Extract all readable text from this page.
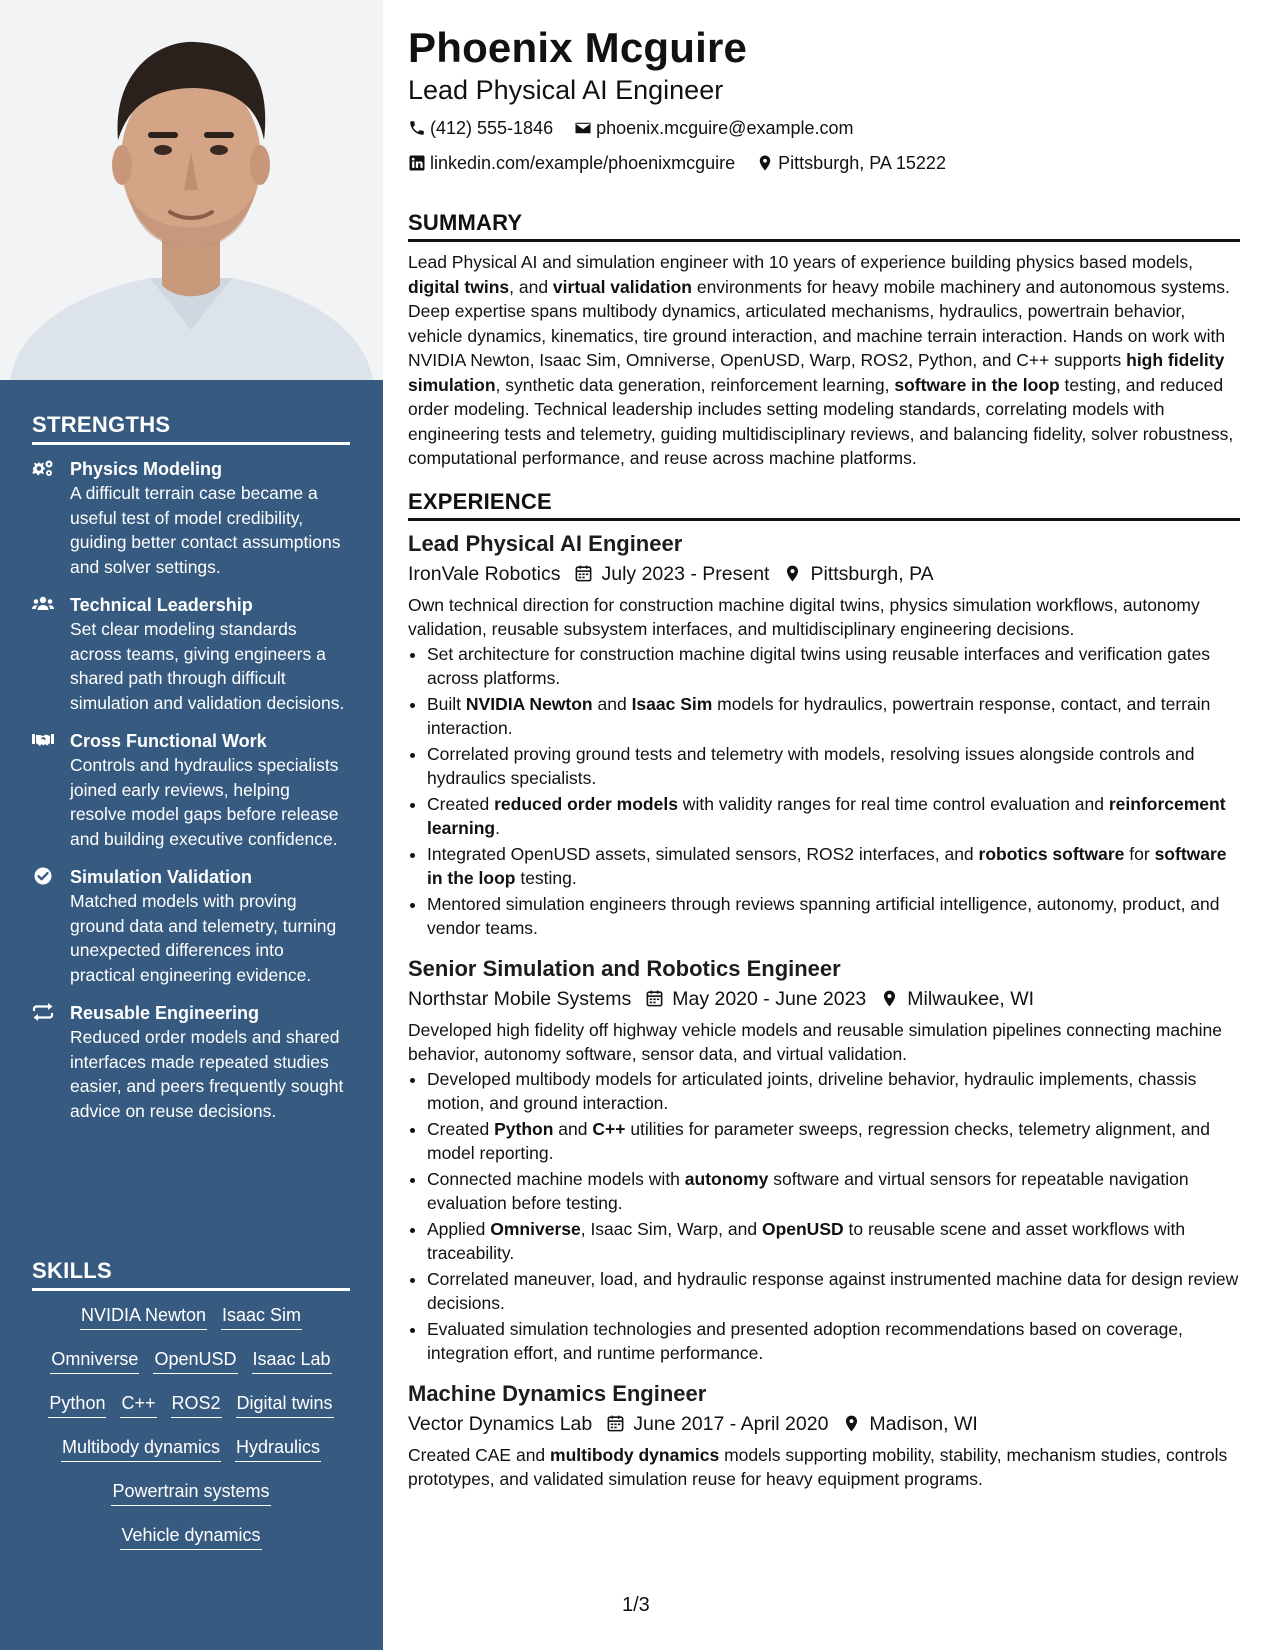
STRENGTHS
Physics Modeling
A difficult terrain case became a useful test of model credibility, guiding better contact assumptions and solver settings.
Technical Leadership
Set clear modeling standards across teams, giving engineers a shared path through difficult simulation and validation decisions.
Cross Functional Work
Controls and hydraulics specialists joined early reviews, helping resolve model gaps before release and building executive confidence.
Simulation Validation
Matched models with proving ground data and telemetry, turning unexpected differences into practical engineering evidence.
Reusable Engineering
Reduced order models and shared interfaces made repeated studies easier, and peers frequently sought advice on reuse decisions.
SKILLS
NVIDIA Newton Isaac Sim
Omniverse OpenUSD Isaac Lab
Python C++ ROS2 Digital twins
Multibody dynamics Hydraulics
Powertrain systems
Vehicle dynamics
Phoenix Mcguire
Lead Physical AI Engineer
(412) 555-1846
phoenix.mcguire@example.com
linkedin.com/example/phoenixmcguire
Pittsburgh, PA 15222
SUMMARY
Lead Physical AI and simulation engineer with 10 years of experience building physics based models, digital twins, and virtual validation environments for heavy mobile machinery and autonomous systems. Deep expertise spans multibody dynamics, articulated mechanisms, hydraulics, powertrain behavior, vehicle dynamics, kinematics, tire ground interaction, and machine terrain interaction. Hands on work with NVIDIA Newton, Isaac Sim, Omniverse, OpenUSD, Warp, ROS2, Python, and C++ supports high fidelity simulation, synthetic data generation, reinforcement learning, software in the loop testing, and reduced order modeling. Technical leadership includes setting modeling standards, correlating models with engineering tests and telemetry, guiding multidisciplinary reviews, and balancing fidelity, solver robustness, computational performance, and reuse across machine platforms.
EXPERIENCE
Lead Physical AI Engineer
IronVale Robotics July 2023 - Present Pittsburgh, PA
Own technical direction for construction machine digital twins, physics simulation workflows, autonomy validation, reusable subsystem interfaces, and multidisciplinary engineering decisions.
• Set architecture for construction machine digital twins using reusable interfaces and verification gates across platforms.
• Built NVIDIA Newton and Isaac Sim models for hydraulics, powertrain response, contact, and terrain interaction.
• Correlated proving ground tests and telemetry with models, resolving issues alongside controls and hydraulics specialists.
• Created reduced order models with validity ranges for real time control evaluation and reinforcement learning.
• Integrated OpenUSD assets, simulated sensors, ROS2 interfaces, and robotics software for software in the loop testing.
• Mentored simulation engineers through reviews spanning artificial intelligence, autonomy, product, and vendor teams.
Senior Simulation and Robotics Engineer
Northstar Mobile Systems May 2020 - June 2023 Milwaukee, WI
Developed high fidelity off highway vehicle models and reusable simulation pipelines connecting machine behavior, autonomy software, sensor data, and virtual validation.
• Developed multibody models for articulated joints, driveline behavior, hydraulic implements, chassis motion, and ground interaction.
• Created Python and C++ utilities for parameter sweeps, regression checks, telemetry alignment, and model reporting.
• Connected machine models with autonomy software and virtual sensors for repeatable navigation evaluation before testing.
• Applied Omniverse, Isaac Sim, Warp, and OpenUSD to reusable scene and asset workflows with traceability.
• Correlated maneuver, load, and hydraulic response against instrumented machine data for design review decisions.
• Evaluated simulation technologies and presented adoption recommendations based on coverage, integration effort, and runtime performance.
Machine Dynamics Engineer
Vector Dynamics Lab June 2017 - April 2020 Madison, WI
Created CAE and multibody dynamics models supporting mobility, stability, mechanism studies, controls prototypes, and validated simulation reuse for heavy equipment programs.
1/3
